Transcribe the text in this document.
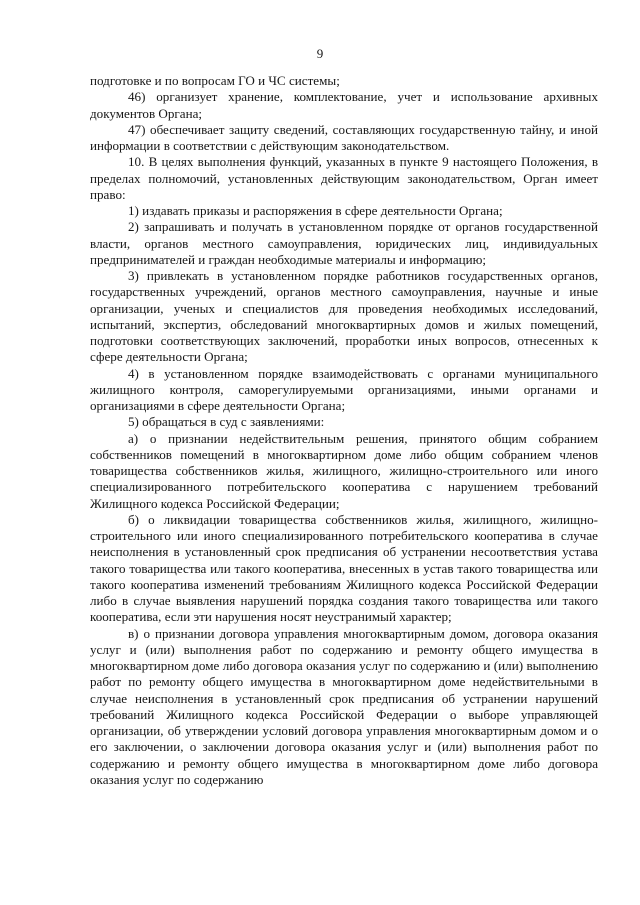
9

подготовке и по вопросам ГО и ЧС системы;

46) организует хранение, комплектование, учет и использование архивных документов Органа;

47) обеспечивает защиту сведений, составляющих государственную тайну, и иной информации в соответствии с действующим законодательством.

10. В целях выполнения функций, указанных в пункте 9 настоящего Положения, в пределах полномочий, установленных действующим законодательством, Орган имеет право:

1) издавать приказы и распоряжения в сфере деятельности Органа;

2) запрашивать и получать в установленном порядке от органов государственной власти, органов местного самоуправления, юридических лиц, индивидуальных предпринимателей и граждан необходимые материалы и информацию;

3) привлекать в установленном порядке работников государственных органов, государственных учреждений, органов местного самоуправления, научные и иные организации, ученых и специалистов для проведения необходимых исследований, испытаний, экспертиз, обследований многоквартирных домов и жилых помещений, подготовки соответствующих заключений, проработки иных вопросов, отнесенных к сфере деятельности Органа;

4) в установленном порядке взаимодействовать с органами муниципального жилищного контроля, саморегулируемыми организациями, иными органами и организациями в сфере деятельности Органа;

5) обращаться в суд с заявлениями:

а) о признании недействительным решения, принятого общим собранием собственников помещений в многоквартирном доме либо общим собранием членов товарищества собственников жилья, жилищного, жилищно-строительного или иного специализированного потребительского кооператива с нарушением требований Жилищного кодекса Российской Федерации;

б) о ликвидации товарищества собственников жилья, жилищного, жилищно-строительного или иного специализированного потребительского кооператива в случае неисполнения в установленный срок предписания об устранении несоответствия устава такого товарищества или такого кооператива, внесенных в устав такого товарищества или такого кооператива изменений требованиям Жилищного кодекса Российской Федерации либо в случае выявления нарушений порядка создания такого товарищества или такого кооператива, если эти нарушения носят неустранимый характер;

в) о признании договора управления многоквартирным домом, договора оказания услуг и (или) выполнения работ по содержанию и ремонту общего имущества в многоквартирном доме либо договора оказания услуг по содержанию и (или) выполнению работ по ремонту общего имущества в многоквартирном доме недействительными в случае неисполнения в установленный срок предписания об устранении нарушений требований Жилищного кодекса Российской Федерации о выборе управляющей организации, об утверждении условий договора управления многоквартирным домом и о его заключении, о заключении договора оказания услуг и (или) выполнения работ по содержанию и ремонту общего имущества в многоквартирном доме либо договора оказания услуг по содержанию
